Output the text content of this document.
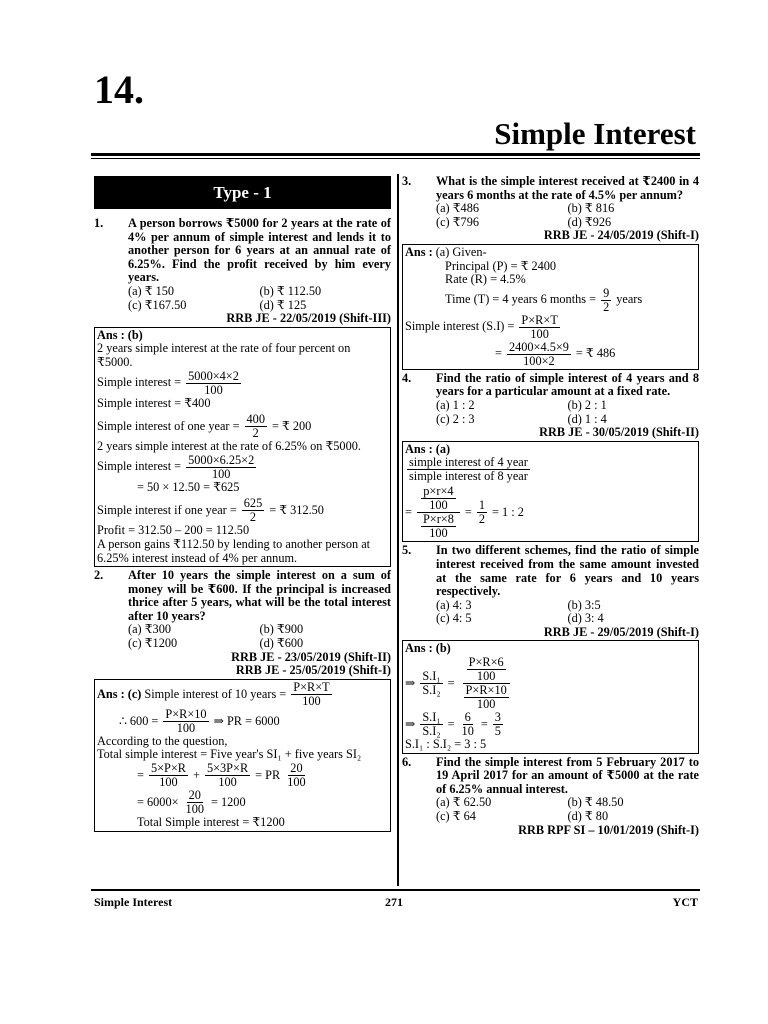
14.
Simple Interest
Type - 1
1. A person borrows ₹5000 for 2 years at the rate of 4% per annum of simple interest and lends it to another person for 6 years at an annual rate of 6.25%. Find the profit received by him every years.
(a) ₹ 150	(b) ₹ 112.50
(c) ₹167.50	(d) ₹ 125
RRB JE - 22/05/2019 (Shift-III)
Ans : (b)
2 years simple interest at the rate of four percent on ₹5000.
Simple interest = $\frac{5000\times 4\times 2}{100}$
Simple interest = ₹400
Simple interest of one year = $\frac{400}{2}$ = ₹ 200
2 years simple interest at the rate of 6.25% on ₹5000.
Simple interest = $\frac{5000\times 6.25\times 2}{100}$
= 50 × 12.50 = ₹625
Simple interest if one year = $\frac{625}{2}$ = ₹ 312.50
Profit = 312.50 – 200 = 112.50
A person gains ₹112.50 by lending to another person at 6.25% interest instead of 4% per annum.
2. After 10 years the simple interest on a sum of money will be ₹600. If the principal is increased thrice after 5 years, what will be the total interest after 10 years?
(a) ₹300	(b) ₹900
(c) ₹1200	(d) ₹600
RRB JE - 23/05/2019 (Shift-II)
RRB JE - 25/05/2019 (Shift-I)
Ans : (c) Simple interest of 10 years = $\frac{P\times R\times T}{100}$
∴ $600 = \frac{P\times R\times 10}{100}$ ⇒ PR = 6000
According to the question,
Total simple interest = Five year's SI₁ + five years SI₂
= $\frac{5\times P\times R}{100} + \frac{5\times 3P\times R}{100}$ = PR $\frac{20}{100}$
= $6000\times \frac{20}{100} = 1200$
Total Simple interest = ₹1200
3. What is the simple interest received at ₹2400 in 4 years 6 months at the rate of 4.5% per annum?
(a) ₹486	(b) ₹ 816
(c) ₹796	(d) ₹926
RRB JE - 24/05/2019 (Shift-I)
Ans : (a) Given-
Principal (P) = ₹ 2400
Rate (R) = 4.5%
Time (T) = 4 years 6 months = $\frac{9}{2}$ years
Simple interest $(S.I) = \frac{P\times R\times T}{100}$
= $\frac{2400\times 4.5\times 9}{100\times 2}$ = ₹ 486
4. Find the ratio of simple interest of 4 years and 8 years for a particular amount at a fixed rate.
(a) 1 : 2	(b) 2 : 1
(c) 2 : 3	(d) 1 : 4
RRB JE - 30/05/2019 (Shift-II)
Ans : (a)
$\frac{\text{simple interest of 4 year}}{\text{simple interest of 8 year}}$
= $\frac{\frac{p\times r\times 4}{100}}{\frac{P\times r\times 8}{100}} = \frac{1}{2} = 1$ : 2
5. In two different schemes, find the ratio of simple interest received from the same amount invested at the same rate for 6 years and 10 years respectively.
(a) 4: 3	(b) 3:5
(c) 4: 5	(d) 3: 4
RRB JE - 29/05/2019 (Shift-I)
Ans : (b)
⇒ $\frac{\text{S.I₁}}{\text{S.I₂}} = \frac{\frac{P\times R\times 6}{100}}{\frac{P\times R\times 10}{100}}$
⇒ $\frac{\text{S.I₁}}{\text{S.I₂}} = \frac{6}{10} = \frac{3}{5}$
S.I₁ : S.I₂ = 3 : 5
6. Find the simple interest from 5 February 2017 to 19 April 2017 for an amount of ₹5000 at the rate of 6.25% annual interest.
(a) ₹ 62.50	(b) ₹ 48.50
(c) ₹ 64	(d) ₹ 80
RRB RPF SI – 10/01/2019 (Shift-I)
Simple Interest	271	YCT
